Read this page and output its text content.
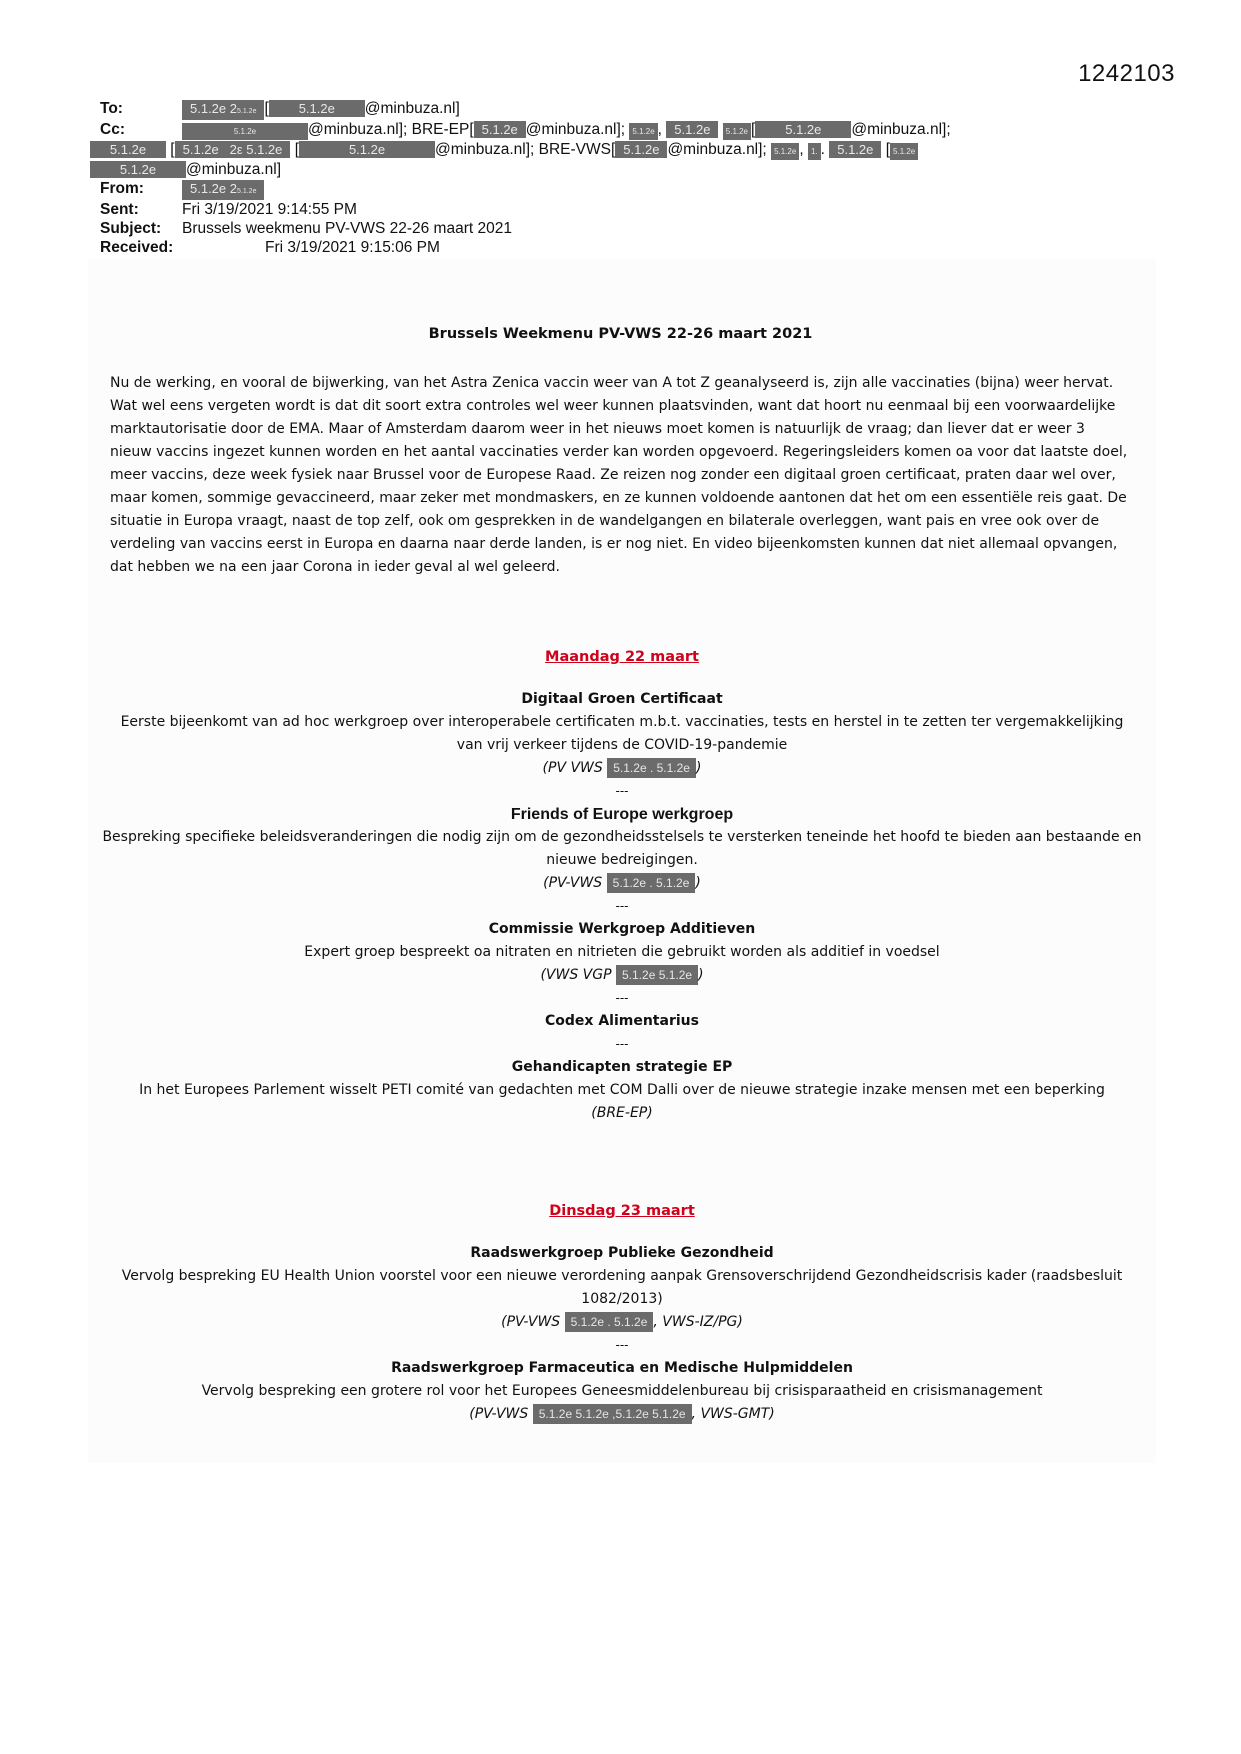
1242103
To:	5.1.2e 25.1.2e [ 5.1.2e @minbuza.nl]
Cc:	5.1.2e	@minbuza.nl]; BRE-EP[ 5.1.2e @minbuza.nl]; 5.1.2e , 5.1.2e 5.1.2e [ 5.1.2e @minbuza.nl];
5.1.2e [ 5.1.2e   2ε 5.1.2e [	5.1.2e	@minbuza.nl]; BRE-VWS[ 5.1.2e @minbuza.nl]; 5.1.2e , 1. . 5.1.2e [ 5.1.2e
5.1.2e @minbuza.nl]
From:	5.1.2e 25.1.2e
Sent:	Fri 3/19/2021 9:14:55 PM
Subject:	Brussels weekmenu PV-VWS 22-26 maart 2021
Received:	Fri 3/19/2021 9:15:06 PM
Brussels Weekmenu PV-VWS 22-26 maart 2021
Nu de werking, en vooral de bijwerking, van het Astra Zenica vaccin weer van A tot Z geanalyseerd is, zijn alle vaccinaties (bijna) weer hervat. Wat wel eens vergeten wordt is dat dit soort extra controles wel weer kunnen plaatsvinden, want dat hoort nu eenmaal bij een voorwaardelijke marktautorisatie door de EMA. Maar of Amsterdam daarom weer in het nieuws moet komen is natuurlijk de vraag; dan liever dat er weer 3 nieuw vaccins ingezet kunnen worden en het aantal vaccinaties verder kan worden opgevoerd. Regeringsleiders komen oa voor dat laatste doel, meer vaccins, deze week fysiek naar Brussel voor de Europese Raad. Ze reizen nog zonder een digitaal groen certificaat, praten daar wel over, maar komen, sommige gevaccineerd, maar zeker met mondmaskers, en ze kunnen voldoende aantonen dat het om een essentiële reis gaat. De situatie in Europa vraagt, naast de top zelf, ook om gesprekken in de wandelgangen en bilaterale overleggen, want pais en vree ook over de verdeling van vaccins eerst in Europa en daarna naar derde landen, is er nog niet. En video bijeenkomsten kunnen dat niet allemaal opvangen, dat hebben we na een jaar Corona in ieder geval al wel geleerd.
Maandag 22 maart
Digitaal Groen Certificaat
Eerste bijeenkomt van ad hoc werkgroep over interoperabele certificaten m.b.t. vaccinaties, tests en herstel in te zetten ter vergemakkelijking van vrij verkeer tijdens de COVID-19-pandemie
(PV VWS 5.1.2e . 5.1.2e )
---
Friends of Europe werkgroep
Bespreking specifieke beleidsveranderingen die nodig zijn om de gezondheidsstelsels te versterken teneinde het hoofd te bieden aan bestaande en nieuwe bedreigingen.
(PV-VWS 5.1.2e . 5.1.2e )
---
Commissie Werkgroep Additieven
Expert groep bespreekt oa nitraten en nitrieten die gebruikt worden als additief in voedsel
(VWS VGP 5.1.2e 5.1.2e )
---
Codex Alimentarius
---
Gehandicapten strategie EP
In het Europees Parlement wisselt PETI comité van gedachten met COM Dalli over de nieuwe strategie inzake mensen met een beperking
(BRE-EP)
Dinsdag 23 maart
Raadswerkgroep Publieke Gezondheid
Vervolg bespreking EU Health Union voorstel voor een nieuwe verordening aanpak Grensoverschrijdend Gezondheidscrisis kader (raadsbesluit 1082/2013)
(PV-VWS 5.1.2e . 5.1.2e , VWS-IZ/PG)
---
Raadswerkgroep Farmaceutica en Medische Hulpmiddelen
Vervolg bespreking een grotere rol voor het Europees Geneesmiddelenbureau bij crisisparaatheid en crisismanagement
(PV-VWS 5.1.2e 5.1.2e ,5.1.2e 5.1.2e , VWS-GMT)
